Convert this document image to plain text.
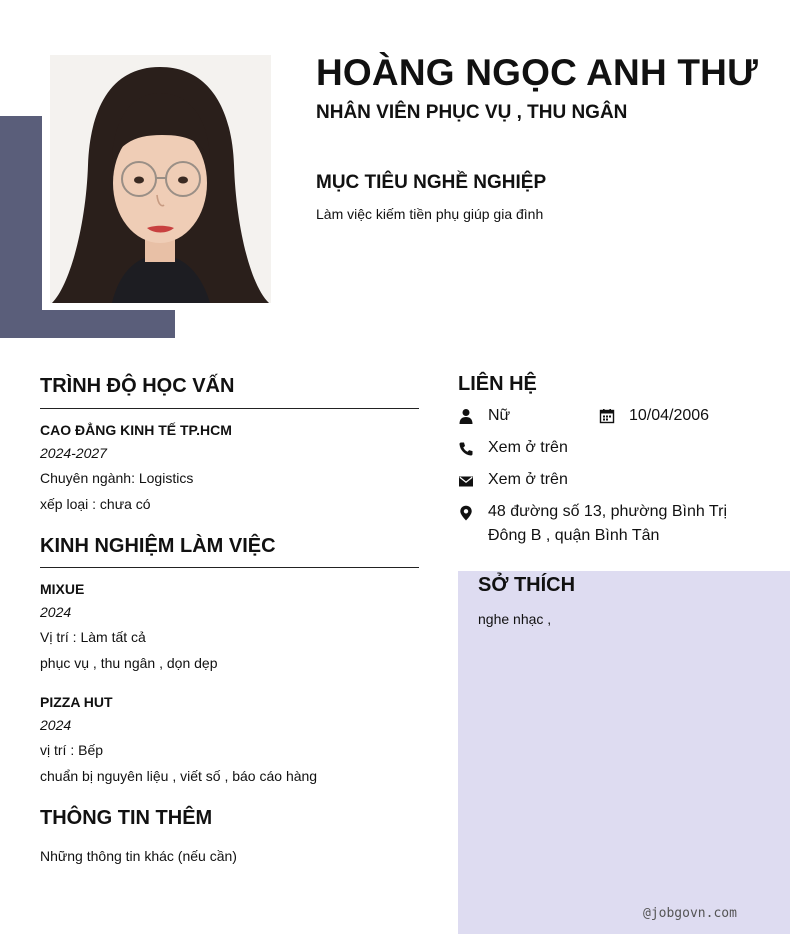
HOÀNG NGỌC ANH THƯ
NHÂN VIÊN PHỤC VỤ , THU NGÂN
MỤC TIÊU NGHỀ NGHIỆP
Làm việc kiếm tiền phụ giúp gia đình
TRÌNH ĐỘ HỌC VẤN
CAO ĐẲNG KINH TẾ TP.HCM
2024-2027
Chuyên ngành: Logistics
xếp loại : chưa có
KINH NGHIỆM LÀM VIỆC
MIXUE
2024
Vị trí : Làm tất cả
phục vụ , thu ngân , dọn dẹp
PIZZA HUT
2024
vị trí : Bếp
chuẩn bị nguyên liệu , viết số , báo cáo hàng
THÔNG TIN THÊM
Những thông tin khác (nếu cần)
LIÊN HỆ
Nữ	10/04/2006
Xem ở trên
Xem ở trên
48 đường số 13, phường Bình Trị Đông B , quận Bình Tân
SỞ THÍCH
nghe nhạc ,
@jobgovn.com
